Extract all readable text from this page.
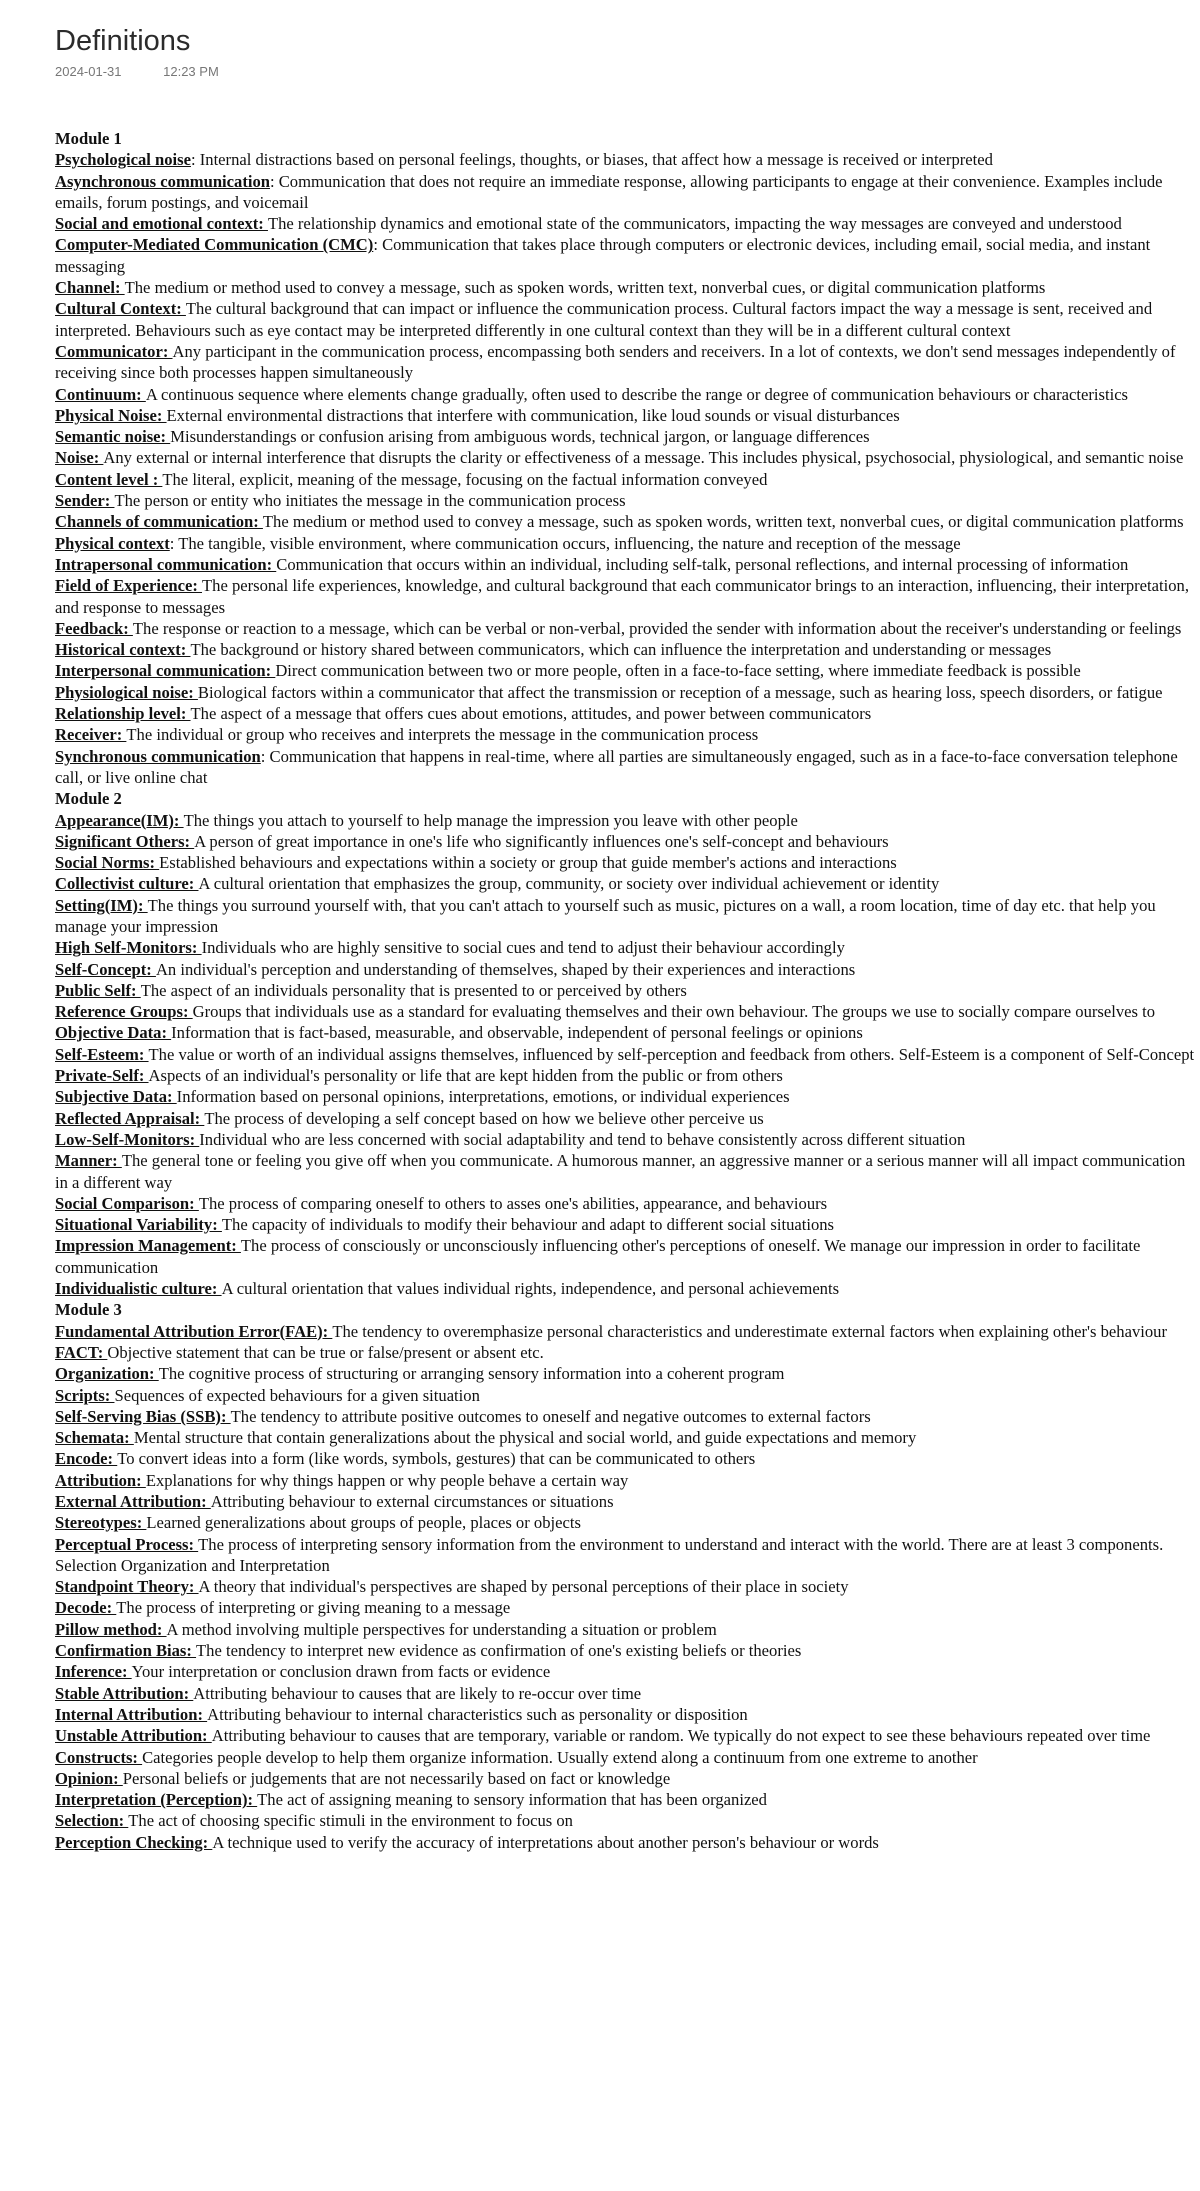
Definitions
2024-01-31	12:23 PM
Module 1
Psychological noise: Internal distractions based on personal feelings, thoughts, or biases, that affect how a message is received or interpreted
Asynchronous communication: Communication that does not require an immediate response, allowing participants to engage at their convenience. Examples include emails, forum postings, and voicemail
Social and emotional context: The relationship dynamics and emotional state of the communicators, impacting the way messages are conveyed and understood
Computer-Mediated Communication (CMC): Communication that takes place through computers or electronic devices, including email, social media, and instant messaging
Channel: The medium or method used to convey a message, such as spoken words, written text, nonverbal cues, or digital communication platforms
Cultural Context: The cultural background that can impact or influence the communication process. Cultural factors impact the way a message is sent, received and interpreted. Behaviours such as eye contact may be interpreted differently in one cultural context than they will be in a different cultural context
Communicator: Any participant in the communication process, encompassing both senders and receivers. In a lot of contexts, we don't send messages independently of receiving since both processes happen simultaneously
Continuum: A continuous sequence where elements change gradually, often used to describe the range or degree of communication behaviours or characteristics
Physical Noise: External environmental distractions that interfere with communication, like loud sounds or visual disturbances
Semantic noise: Misunderstandings or confusion arising from ambiguous words, technical jargon, or language differences
Noise: Any external or internal interference that disrupts the clarity or effectiveness of a message. This includes physical, psychosocial, physiological, and semantic noise
Content level : The literal, explicit, meaning of the message, focusing on the factual information conveyed
Sender: The person or entity who initiates the message in the communication process
Channels of communication: The medium or method used to convey a message, such as spoken words, written text, nonverbal cues, or digital communication platforms
Physical context: The tangible, visible environment, where communication occurs, influencing, the nature and reception of the message
Intrapersonal communication: Communication that occurs within an individual, including self-talk, personal reflections, and internal processing of information
Field of Experience: The personal life experiences, knowledge, and cultural background that each communicator brings to an interaction, influencing, their interpretation, and response to messages
Feedback: The response or reaction to a message, which can be verbal or non-verbal, provided the sender with information about the receiver's understanding or feelings
Historical context: The background or history shared between communicators, which can influence the interpretation and understanding or messages
Interpersonal communication: Direct communication between two or more people, often in a face-to-face setting, where immediate feedback is possible
Physiological noise: Biological factors within a communicator that affect the transmission or reception of a message, such as hearing loss, speech disorders, or fatigue
Relationship level: The aspect of a message that offers cues about emotions, attitudes, and power between communicators
Receiver: The individual or group who receives and interprets the message in the communication process
Synchronous communication: Communication that happens in real-time, where all parties are simultaneously engaged, such as in a face-to-face conversation telephone call, or live online chat
Module 2
Appearance(IM): The things you attach to yourself to help manage the impression you leave with other people
Significant Others: A person of great importance in one's life who significantly influences one's self-concept and behaviours
Social Norms: Established behaviours and expectations within a society or group that guide member's actions and interactions
Collectivist culture: A cultural orientation that emphasizes the group, community, or society over individual achievement or identity
Setting(IM): The things you surround yourself with, that you can't attach to yourself such as music, pictures on a wall, a room location, time of day etc. that help you manage your impression
High Self-Monitors: Individuals who are highly sensitive to social cues and tend to adjust their behaviour accordingly
Self-Concept: An individual's perception and understanding of themselves, shaped by their experiences and interactions
Public Self: The aspect of an individuals personality that is presented to or perceived by others
Reference Groups: Groups that individuals use as a standard for evaluating themselves and their own behaviour. The groups we use to socially compare ourselves to
Objective Data: Information that is fact-based, measurable, and observable, independent of personal feelings or opinions
Self-Esteem: The value or worth of an individual assigns themselves, influenced by self-perception and feedback from others. Self-Esteem is a component of Self-Concept
Private-Self: Aspects of an individual's personality or life that are kept hidden from the public or from others
Subjective Data: Information based on personal opinions, interpretations, emotions, or individual experiences
Reflected Appraisal: The process of developing a self concept based on how we believe other perceive us
Low-Self-Monitors: Individual who are less concerned with social adaptability and tend to behave consistently across different situation
Manner: The general tone or feeling you give off when you communicate. A humorous manner, an aggressive manner or a serious manner will all impact communication in a different way
Social Comparison: The process of comparing oneself to others to asses one's abilities, appearance, and behaviours
Situational Variability: The capacity of individuals to modify their behaviour and adapt to different social situations
Impression Management: The process of consciously or unconsciously influencing other's perceptions of oneself. We manage our impression in order to facilitate communication
Individualistic culture: A cultural orientation that values individual rights, independence, and personal achievements
Module 3
Fundamental Attribution Error(FAE): The tendency to overemphasize personal characteristics and underestimate external factors when explaining other's behaviour
FACT: Objective statement that can be true or false/present or absent etc.
Organization: The cognitive process of structuring or arranging sensory information into a coherent program
Scripts: Sequences of expected behaviours for a given situation
Self-Serving Bias (SSB): The tendency to attribute positive outcomes to oneself and negative outcomes to external factors
Schemata: Mental structure that contain generalizations about the physical and social world, and guide expectations and memory
Encode: To convert ideas into a form (like words, symbols, gestures) that can be communicated to others
Attribution: Explanations for why things happen or why people behave a certain way
External Attribution: Attributing behaviour to external circumstances or situations
Stereotypes: Learned generalizations about groups of people, places or objects
Perceptual Process: The process of interpreting sensory information from the environment to understand and interact with the world. There are at least 3 components. Selection Organization and Interpretation
Standpoint Theory: A theory that individual's perspectives are shaped by personal perceptions of their place in society
Decode: The process of interpreting or giving meaning to a message
Pillow method: A method involving multiple perspectives for understanding a situation or problem
Confirmation Bias: The tendency to interpret new evidence as confirmation of one's existing beliefs or theories
Inference: Your interpretation or conclusion drawn from facts or evidence
Stable Attribution: Attributing behaviour to causes that are likely to re-occur over time
Internal Attribution: Attributing behaviour to internal characteristics such as personality or disposition
Unstable Attribution: Attributing behaviour to causes that are temporary, variable or random. We typically do not expect to see these behaviours repeated over time
Constructs: Categories people develop to help them organize information. Usually extend along a continuum from one extreme to another
Opinion: Personal beliefs or judgements that are not necessarily based on fact or knowledge
Interpretation (Perception): The act of assigning meaning to sensory information that has been organized
Selection: The act of choosing specific stimuli in the environment to focus on
Perception Checking: A technique used to verify the accuracy of interpretations about another person's behaviour or words
